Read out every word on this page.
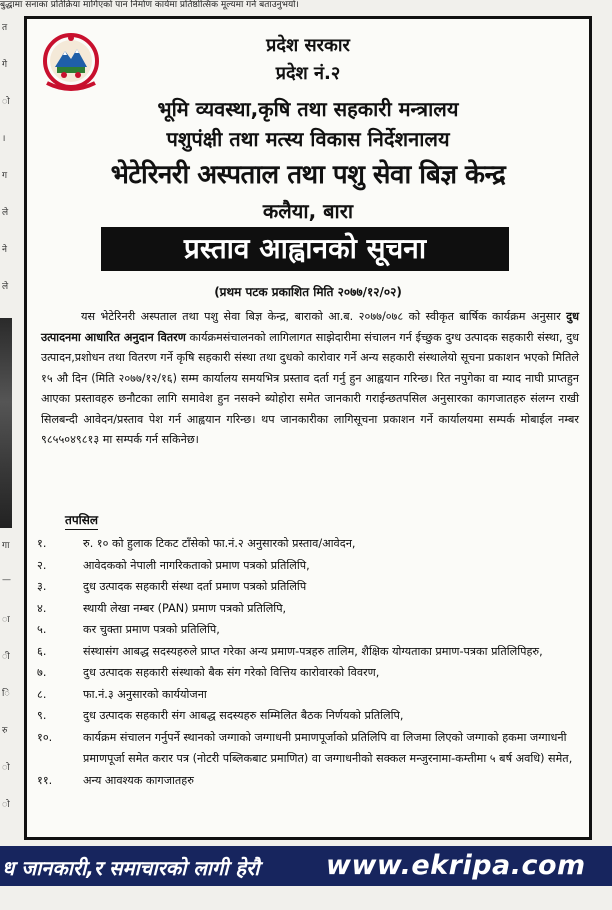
बुद्धामा सनाका प्रतिक्रिया मागिएको पान निर्माण कार्यमा प्रतिष्ठोत्सिक मूल्यमा गर्न बताउनुभयो।
त
गे
ो
।
ग
ले
ने
ले
गा
—
ा
ी
ि
रु
ो
ो
प्रदेश सरकार
प्रदेश नं.२
भूमि व्यवस्था,कृषि तथा सहकारी मन्त्रालय
पशुपंक्षी तथा मत्स्य विकास निर्देशनालय
भेटेरिनरी अस्पताल तथा पशु सेवा बिज्ञ केन्द्र
कलैया, बारा
प्रस्ताव आह्वानको सूचना
(प्रथम पटक प्रकाशित मिति २०७७/१२/०२)
यस भेटेरिनरी अस्पताल तथा पशु सेवा बिज्ञ केन्द्र, बाराको आ.ब. २०७७/०७८ को स्वीकृत बार्षिक कार्यक्रम अनुसार दुध उत्पादनमा आधारित अनुदान वितरण कार्यक्रमसंचालनको लागिलागत साझेदारीमा संचालन गर्न ईच्छुक दुग्ध उत्पादक सहकारी संस्था, दुध उत्पादन,प्रशोधन तथा वितरण गर्ने कृषि सहकारी संस्था तथा दुधको कारोवार गर्ने अन्य सहकारी संस्थालेयो सूचना प्रकाशन भएको मितिले १५ औ दिन (मिति २०७७/१२/१६) सम्म कार्यालय समयभित्र प्रस्ताव दर्ता गर्नु हुन आह्वयान गरिन्छ। रित नपुगेका वा म्याद नाघी प्राप्तहुन आएका प्रस्तावहरु छनौटका लागि समावेश हुन नसक्ने ब्योहोरा समेत जानकारी गराईन्छतपसिल अनुसारका कागजातहरु संलग्न राखी सिलबन्दी आवेदन/प्रस्ताव पेश गर्न आह्वयान गरिन्छ। थप जानकारीका लागिसूचना प्रकाशन गर्ने कार्यालयमा सम्पर्क मोबाईल नम्बर ९८५५०४९८१३ मा सम्पर्क गर्न सकिनेछ।
तपसिल
१.	रु. १० को हुलाक टिकट टाँसेको फा.नं.२ अनुसारको प्रस्ताव/आवेदन,
२.	आवेदकको नेपाली नागरिकताको प्रमाण पत्रको प्रतिलिपि,
३.	दुध उत्पादक सहकारी संस्था दर्ता प्रमाण पत्रको प्रतिलिपि
४.	स्थायी लेखा नम्बर (PAN) प्रमाण पत्रको प्रतिलिपि,
५.	कर चुक्ता प्रमाण पत्रको प्रतिलिपि,
६.	संस्थासंग आबद्ध सदस्यहरुले प्राप्त गरेका अन्य प्रमाण-पत्रहरु तालिम, शैक्षिक योग्यताका प्रमाण-पत्रका प्रतिलिपिहरु,
७.	दुध उत्पादक सहकारी संस्थाको बैक संग गरेको वित्तिय कारोवारको विवरण,
८.	फा.नं.३ अनुसारको कार्ययोजना
९.	दुध उत्पादक सहकारी संग आबद्ध सदस्यहरु सम्मिलित बैठक निर्णयको प्रतिलिपि,
१०.	कार्यक्रम संचालन गर्नुपर्ने स्थानको जग्गाको जग्गाधनी प्रमाणपूर्जाको प्रतिलिपि वा लिजमा लिएको जग्गाको हकमा जग्गाधनी प्रमाणपूर्जा समेत करार पत्र (नोटरी पब्लिकबाट प्रमाणित) वा जग्गाधनीको सक्कल मन्जुरनामा-कम्तीमा ५ बर्ष अवधि) समेत,
११.	अन्य आवश्यक कागजातहरु
ध जानकारी,र समाचारको लागी हेरौ www.ekripa.com
